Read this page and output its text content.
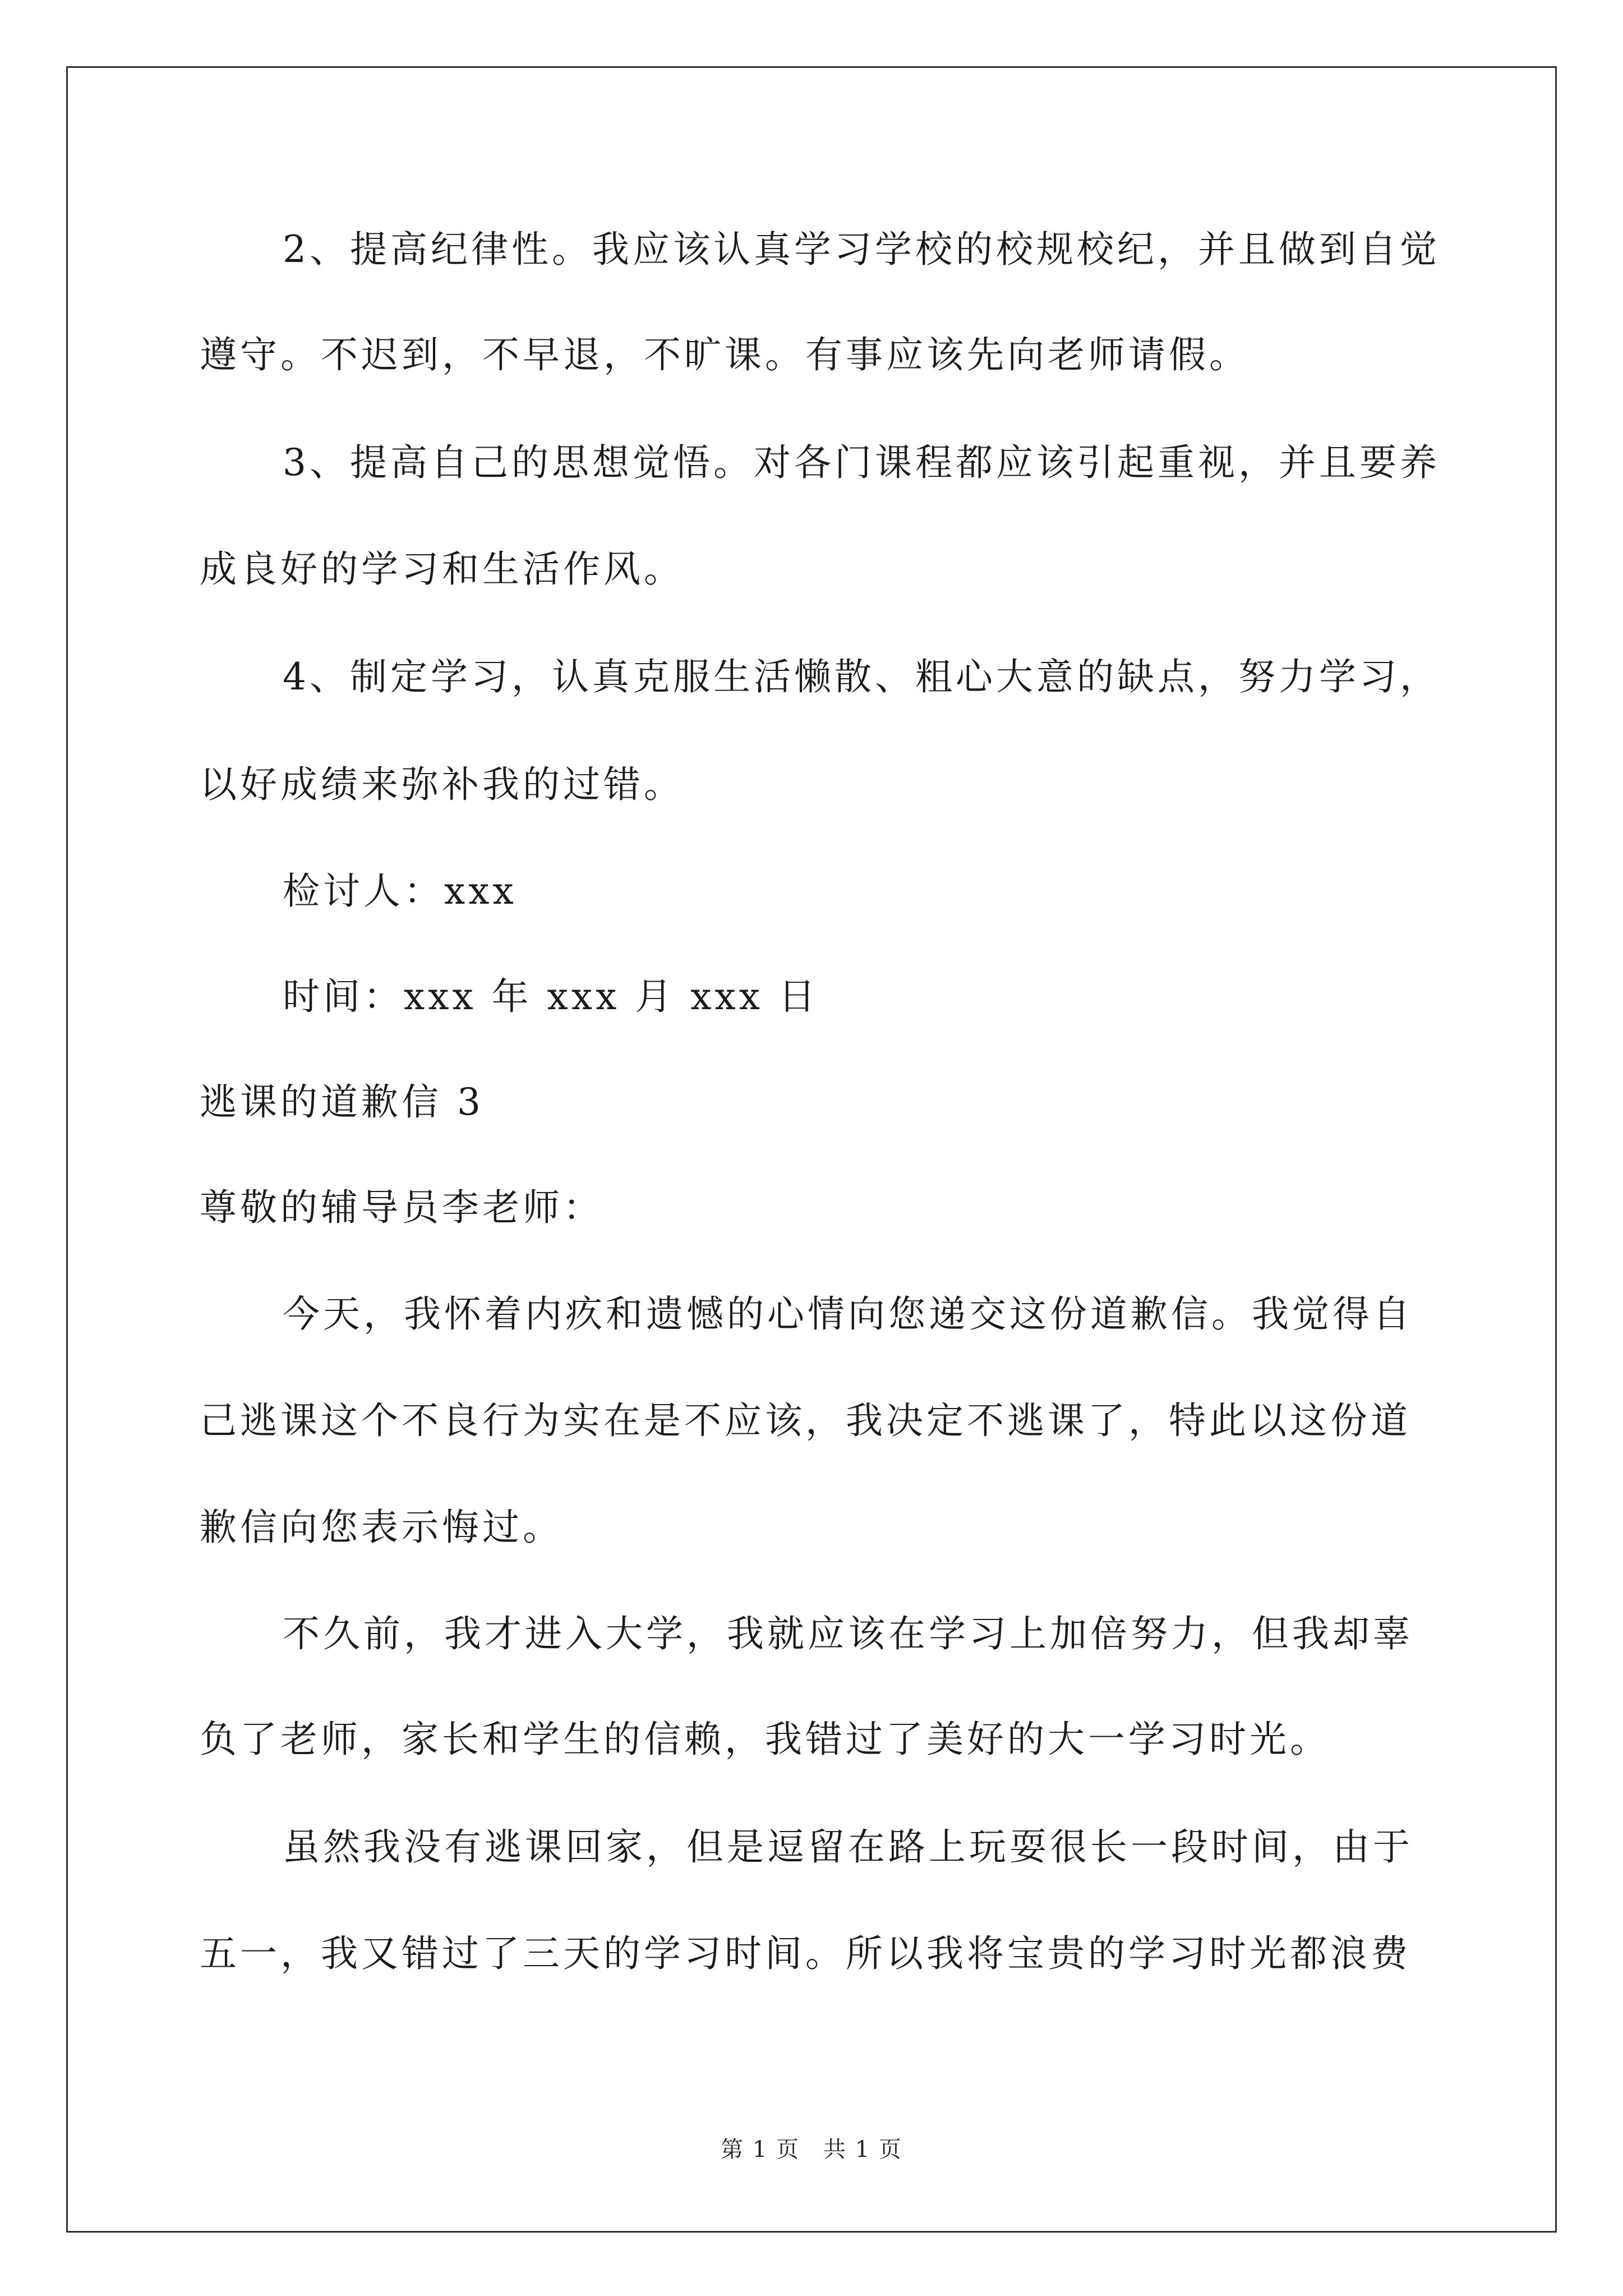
2、提高纪律性。我应该认真学习学校的校规校纪，并且做到自觉
遵守。不迟到，不早退，不旷课。有事应该先向老师请假。
3、提高自己的思想觉悟。对各门课程都应该引起重视，并且要养
成良好的学习和生活作风。
4、制定学习，认真克服生活懒散、粗心大意的缺点，努力学习，
以好成绩来弥补我的过错。
检讨人：xxx
时间：xxx 年 xxx 月 xxx 日
逃课的道歉信 3
尊敬的辅导员李老师：
今天，我怀着内疚和遗憾的心情向您递交这份道歉信。我觉得自
己逃课这个不良行为实在是不应该，我决定不逃课了，特此以这份道
歉信向您表示悔过。
不久前，我才进入大学，我就应该在学习上加倍努力，但我却辜
负了老师，家长和学生的信赖，我错过了美好的大一学习时光。
虽然我没有逃课回家，但是逗留在路上玩耍很长一段时间，由于
五一，我又错过了三天的学习时间。所以我将宝贵的学习时光都浪费
第 1 页　共 1 页
